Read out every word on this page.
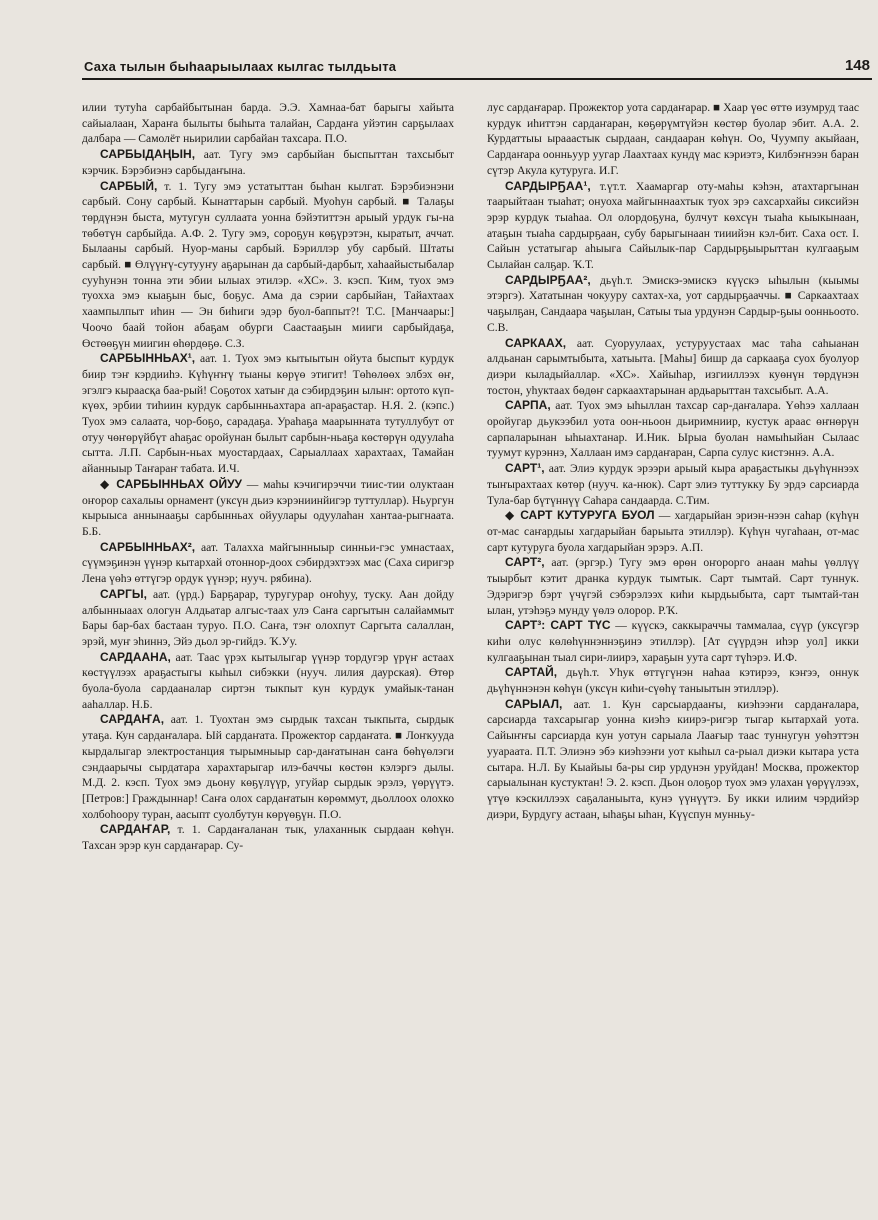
Саха тылын быһаарыылаах кылгас тылдьыта	148

илии тутуһа сарбайбытынан барда. Э.Э. Хамнаа-бат барыгы хайыта сайыалаан, Хараҥа былыты быһыта талайан, Сардаҥа уйэтин сарҕылаах далбара — Самолёт ньирилии сарбайан тахсара. П.О.

САРБЫДАҢЫН, аат. Тугу эмэ сарбыйан быспыттан тахсыбыт кэрчик. Бэрэбиэнэ сарбыдаҥына.

САРБЫЙ, т. 1. Тугу эмэ устатыттан быһан кылгат. Бэрэбиэнэни сарбый. Сону сарбый. Кынаттарын сарбый. Муоһун сарбый. ■ Талаҕы төрдүнэн быста, мутугун суллаата уонна бэйэтиттэн арыый урдук гы-на төбөтүн сарбыйда. А.Ф. 2. Тугу эмэ, сороҕун көҕүрэтэн, кыратыт, аччат. Былааны сарбый. Нуор-маны сарбый. Бэриллэр убу сарбый. Штаты сарбый. ■ Өлүүҥү-сутууҥу аҕарынан да сарбый-дарбыт, хаһаайыстыбалар сууһунэн тонна эти эбии ылыах этилэр. «ХС». 3. кэсп. Ҡим, туох эмэ туохха эмэ кыаҕын быс, боҕус. Ама да сэрии сарбыйан, Тайахтаах хаампылпыт иһин — Эн биһиги эдэр буол-баппыт?! Т.С. [Манчаары:] Чоочо баай тойон абаҕам обурги Саастааҕын мииги сарбыйдаҕа, Өстөөҕүн миигин өһөрдөҕө. С.З.

САРБЫННЬАХ¹, аат. 1. Туох эмэ кытыытын ойута быспыт курдук биир тэҥ кэрдииһэ. Күһүҥҥү тыаны көрүө этигит! Төһөлөөх элбэх өҥ, эгэлгэ кыраасқа баа-рый! Соҕотох хатыҥ да сэбирдэҕин ылыҥ: ортото күп-күөх, эрбии тиһиин курдук сарбынньахтара ап-араҕастар. Н.Я. 2. (кэпс.) Туох эмэ салаата, чор-боҕо, сарадаҕа. Ураһаҕа маарынната тутуллубут от отуу чөҥөрүйбүт аһаҕас оройунан былыт сарбын-ньаҕа көстөрүн одуулаһа сытта. Л.П. Сарбын-ньах муостардаах, Сарыаллаах харахтаах, Тамайан айанныыр Таҥараҥ табата. И.Ч.

◆ САРБЫННЬАХ ОЙУУ — маһы кэчигирэччи тиис-тии олуктаан оҥорор сахалыы орнамент (уксүн дьиэ кэрэниинйигэр туттуллар). Ньургун кырыыса аннынааҕы сарбынньах ойуулары одуулаһан хантаа-рыгнаата. Б.Б.

САРБЫННЬАХ², аат. Талахха майгынныыр синньи-гэс умнастаах, сүүмэҕинэн үүнэр кытархай отоннор-доох сэбирдэхтээх мас (Саха сиригэр Лена үөһэ өттүгэр ордук үүнэр; нууч. рябина).

САРГЫ, аат. (үрд.) Барҕарар, туругурар оҥоһуу, туску. Аан дойду албынныаах ологун Алдьатар алгыс-таах улэ Саҥа саргытын салайаммыт Бары бар-бах бастаан туруо. П.О. Саҥа, тэҥ олохпут Саргыта салаллан, эрэй, муҥ эһиннэ, Эйэ дьол эр-гийдэ. Ҡ.Уу.

САРДААНА, аат. Таас үрэх кытылыгар үүнэр тордугэр үрүҥ астаах көстүүлээх араҕастыгы кыһыл сибэкки (нууч. лилия даурская). Өтөр буола-буола сардааналар сиртэн тыкпыт кун курдук умайык-танан ааһаллар. Н.Б.

САРДАҤА, аат. 1. Туохтан эмэ сырдык тахсан тыкпыта, сырдык утаҕа. Кун сардаҥалара. Ый сардаҥата. Прожектор сардаҥата. ■ Лоҥкууда кырдалыгар электростанция тырымныыр сар-даҥатынан саҥа бөһүөлэги сэндаарычы сырдатара харахтарыгар илэ-баччы көстөн кэлэргэ дылы. М.Д. 2. кэсп. Туох эмэ дьону көҕүлүүр, угуйар сырдык эрэлэ, үөрүүтэ. [Петров:] Граждыннар! Саҥа олох сардаҥатын көрөммут, дьоллоох олохко холбоһоору туран, аасыпт суолбутун көрүөҕүн. П.О.

САРДАҤАР, т. 1. Сардаҥаланан тык, улаханнык сырдаан көһүн. Тахсан эрэр кун сардаҥарар. Су-

лус сардаҥарар. Прожектор уота сардаҥарар. ■ Хаар үөс өттө изумруд таас курдук иһиттэн сардаҥаран, көҕөрүмтүйэн көстөр буолар эбит. А.А. 2. Курдаттыы ырааастык сырдаан, сандааран көһүн. Оо, Чуумпу акыйаан, Сардаҥара оонньуур уугар Лаахтаах кундү мас кэриэтэ, Килбэҥнээн баран сүтэр Акула кутуруга. И.Г.

САРДЫРҔАА¹, т.үт.т. Хаамаргар оту-маһы кэһэн, атахтаргынан таарыйтаан тыаһат; онуоха майгыннаахтык туох эрэ сахсархайы сиксийэн эрэр курдук тыаһаа. Ол олордоҕуна, булчут көхсүн тыаһа кыыкынаан, атаҕын тыаһа сардырҕаан, субу барыгынаан тииийэн кэл-бит. Саха ост. I. Сайын устатыгар аһыыга Сайылык-пар Сардырҕыырыттан кулгааҕым Сылайан салҕар. Ҡ.Т.

САРДЫРҔАА², дьүһ.т. Эмискэ-эмискэ күүскэ ыһылын (кыымы этэргэ). Хататынан чокууру сахтах-ха, уот сардырҕааччы. ■ Саркаахтаах чаҕылҕан, Сандаара чаҕылан, Сатыы тыа урдунэн Сардыр-ҕыы оонньоото. С.В.

САРКААХ, аат. Суоруулаах, устуруустаах мас таһа саһыанан алдьанан сарымтыбыта, хатыыта. [Маһы] бишр да саркааҕа суох буолуор диэри кыладыйаллар. «ХС». Хайыһар, изгииллээх куөнүн төрдүнэн тостон, уһуктаах бөдөҥ саркаахтарынан ардьарыттан тахсыбыт. А.А.

САРПА, аат. Туох эмэ ыһыллан тахсар сар-даҥалара. Үөһээ халлаан оройугар дьукээбил уота оон-ньоон дьиримниир, кустук араас өҥнөрүн сарпаларынан ыһыахтанар. И.Ник. Ырыа буолан намыһыйан Сылаас туумут курэннэ, Халлаан имэ сардаҥаран, Сарпа сулус кистэннэ. А.А.

САРТ¹, аат. Элиэ курдук эрээри арыый кыра араҕастыкы дьүһүннээх тыҥырахтаах көтөр (нууч. ка-нюк). Сарт элиэ туттукку Бу эрдэ сарсиарда Тула-бар бүтүннүү Саһара сандаарда. С.Тим.

◆ САРТ КУТУРУГА БУОЛ — хагдарыйан эриэн-нээн саһар (күһүн от-мас саҥардыы хагдарыйан барыыта этиллэр). Күһүн чугаһаан, от-мас сарт кутуруга буола хагдарыйан эрэрэ. А.П.

САРТ², аат. (эргэр.) Тугу эмэ өрөн оҥорорго анаан маһы үөллүү тыырбыт кэтит дранка курдук тымтык. Сарт тымтай. Сарт туннук. Эдэригэр бэрт үчүгэй сэбэрэлээх киһи кырдьыбыта, сарт тымтай-тан ылан, утэһэҕэ мунду үөлэ олорор. Р.Ҡ.

САРТ³: САРТ ТҮС — күүскэ, саккыраччы таммалаа, сүүр (уксүгэр киһи олус көлөһүннэннэҕинэ этиллэр). [Ат сүүрдэн иһэр уол] икки кулгааҕынан тыал сири-лиирэ, хараҕын уута сарт түһэрэ. И.Ф.

САРТАЙ, дьүһ.т. Уһук өттүгүнэн наһаа кэтирээ, кэҥээ, оннук дьүһүннэнэн көһүн (уксүн киһи-сүөһү таныытын этиллэр).

САРЫАЛ, аат. 1. Кун сарсыардааҥы, киэһээҥи сардаҥалара, сарсиарда тахсарыгар уонна киэһэ киирэ-ригэр тыгар кытархай уота. Сайыҥҥы сарсиарда кун уотун сарыала Лаағыр таас туннугун уөһэттэн ууараата. П.Т. Элиэнэ эбэ киэһээҥи уот кыһыл са-рыал диэки кытара уста сытара. Н.Л. Бу Кыайыы ба-ры сир урдунэн уруйдан! Москва, прожектор сарыалынан кустуктан! Э. 2. кэсп. Дьон олоҕор туох эмэ улахан үөрүүлээх, үтүө кэскиллээх саҕаланыыта, кунэ үүнүүтэ. Бу икки илиим чэрдийэр диэри, Бурдугу астаан, ыһаҕы ыһан, Күүспун мунньу-
